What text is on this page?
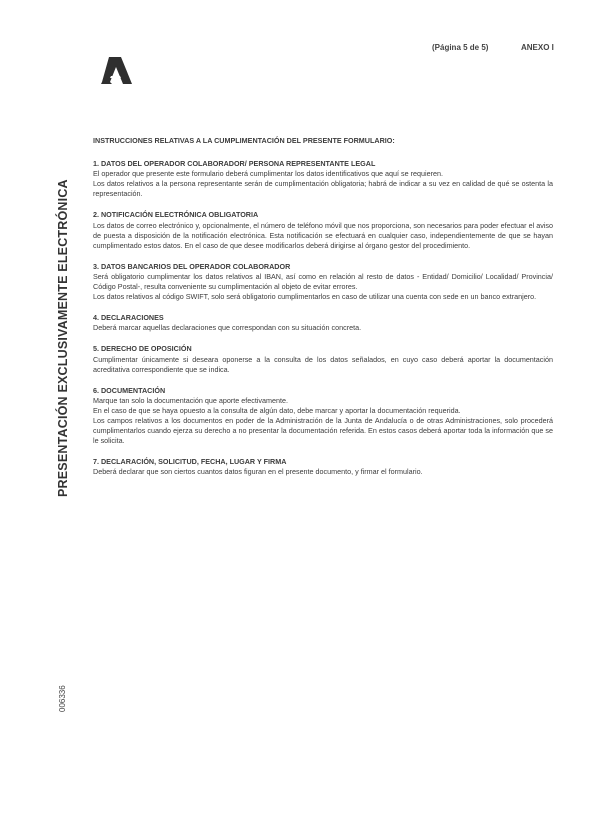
(Página 5 de 5)	ANEXO I
PRESENTACIÓN EXCLUSIVAMENTE ELECTRÓNICA
006336
INSTRUCCIONES RELATIVAS A LA CUMPLIMENTACIÓN DEL PRESENTE FORMULARIO:
1. DATOS DEL OPERADOR COLABORADOR/ PERSONA REPRESENTANTE LEGAL

El operador que presente este formulario deberá cumplimentar los datos identificativos que aquí se requieren.

Los datos relativos a la persona representante serán de cumplimentación obligatoria; habrá de indicar a su vez en calidad de qué se ostenta la representación.

2. NOTIFICACIÓN ELECTRÓNICA OBLIGATORIA

Los datos de correo electrónico y, opcionalmente, el número de teléfono móvil que nos proporciona, son necesarios para poder efectuar el aviso de puesta a disposición de la notificación electrónica. Esta notificación se efectuará en cualquier caso, independientemente de que se hayan cumplimentado estos datos. En el caso de que desee modificarlos deberá dirigirse al órgano gestor del procedimiento.

3. DATOS BANCARIOS DEL OPERADOR COLABORADOR

Será obligatorio cumplimentar los datos relativos al IBAN, así como en relación al resto de datos - Entidad/ Domicilio/ Localidad/ Provincia/ Código Postal-, resulta conveniente su cumplimentación al objeto de evitar errores.

Los datos relativos al código SWIFT, solo será obligatorio cumplimentarlos en caso de utilizar una cuenta con sede en un banco extranjero.

4. DECLARACIONES

Deberá marcar aquellas declaraciones que correspondan con su situación concreta.

5. DERECHO DE OPOSICIÓN

Cumplimentar únicamente si deseara oponerse a la consulta de los datos señalados, en cuyo caso deberá aportar la documentación acreditativa correspondiente que se indica.

6. DOCUMENTACIÓN

Marque tan solo la documentación que aporte efectivamente.

En el caso de que se haya opuesto a la consulta de algún dato, debe marcar y aportar la documentación requerida.

Los campos relativos a los documentos en poder de la Administración de la Junta de Andalucía o de otras Administraciones, solo procederá cumplimentarlos cuando ejerza su derecho a no presentar la documentación referida. En estos casos deberá aportar toda la información que se le solicita.

7. DECLARACIÓN, SOLICITUD, FECHA, LUGAR Y FIRMA

Deberá declarar que son ciertos cuantos datos figuran en el presente documento, y firmar el formulario.
